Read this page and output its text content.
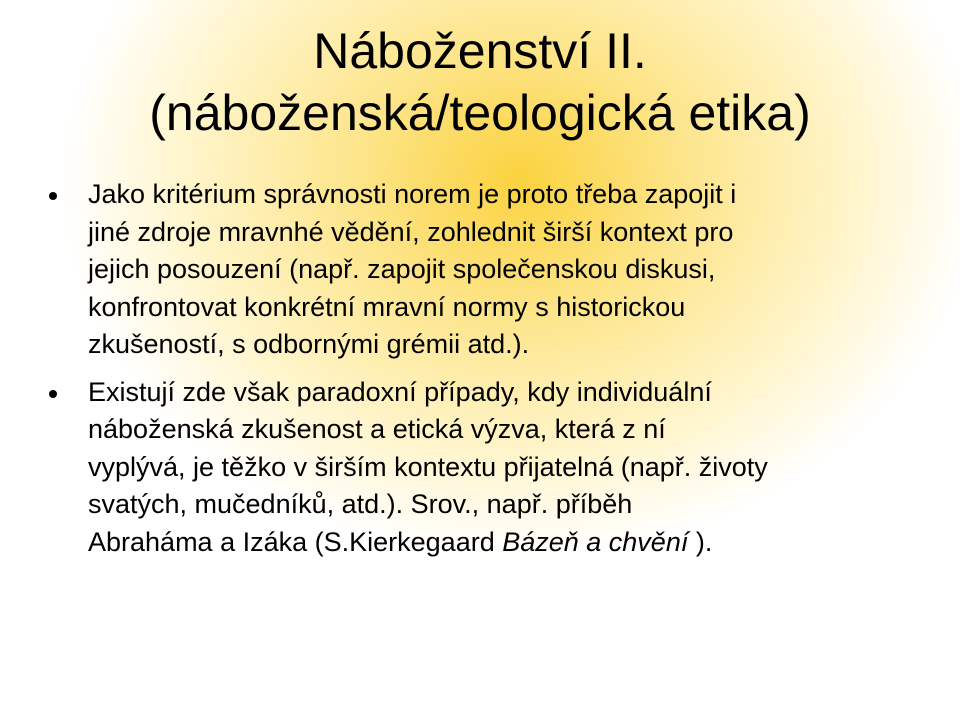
Náboženství II.
(náboženská/teologická etika)
Jako kritérium správnosti norem je proto třeba zapojit i
jiné zdroje mravnhé vědění, zohlednit širší kontext pro
jejich posouzení (např. zapojit společenskou diskusi,
konfrontovat konkrétní mravní normy s historickou
zkušeností, s odbornými grémii atd.).
Existují zde však paradoxní případy, kdy individuální
náboženská zkušenost a etická výzva, která z ní
vyplývá, je těžko v širším kontextu přijatelná (např. životy
svatých, mučedníků, atd.). Srov., např. příběh
Abraháma a Izáka (S.Kierkegaard Bázeň a chvění ).
